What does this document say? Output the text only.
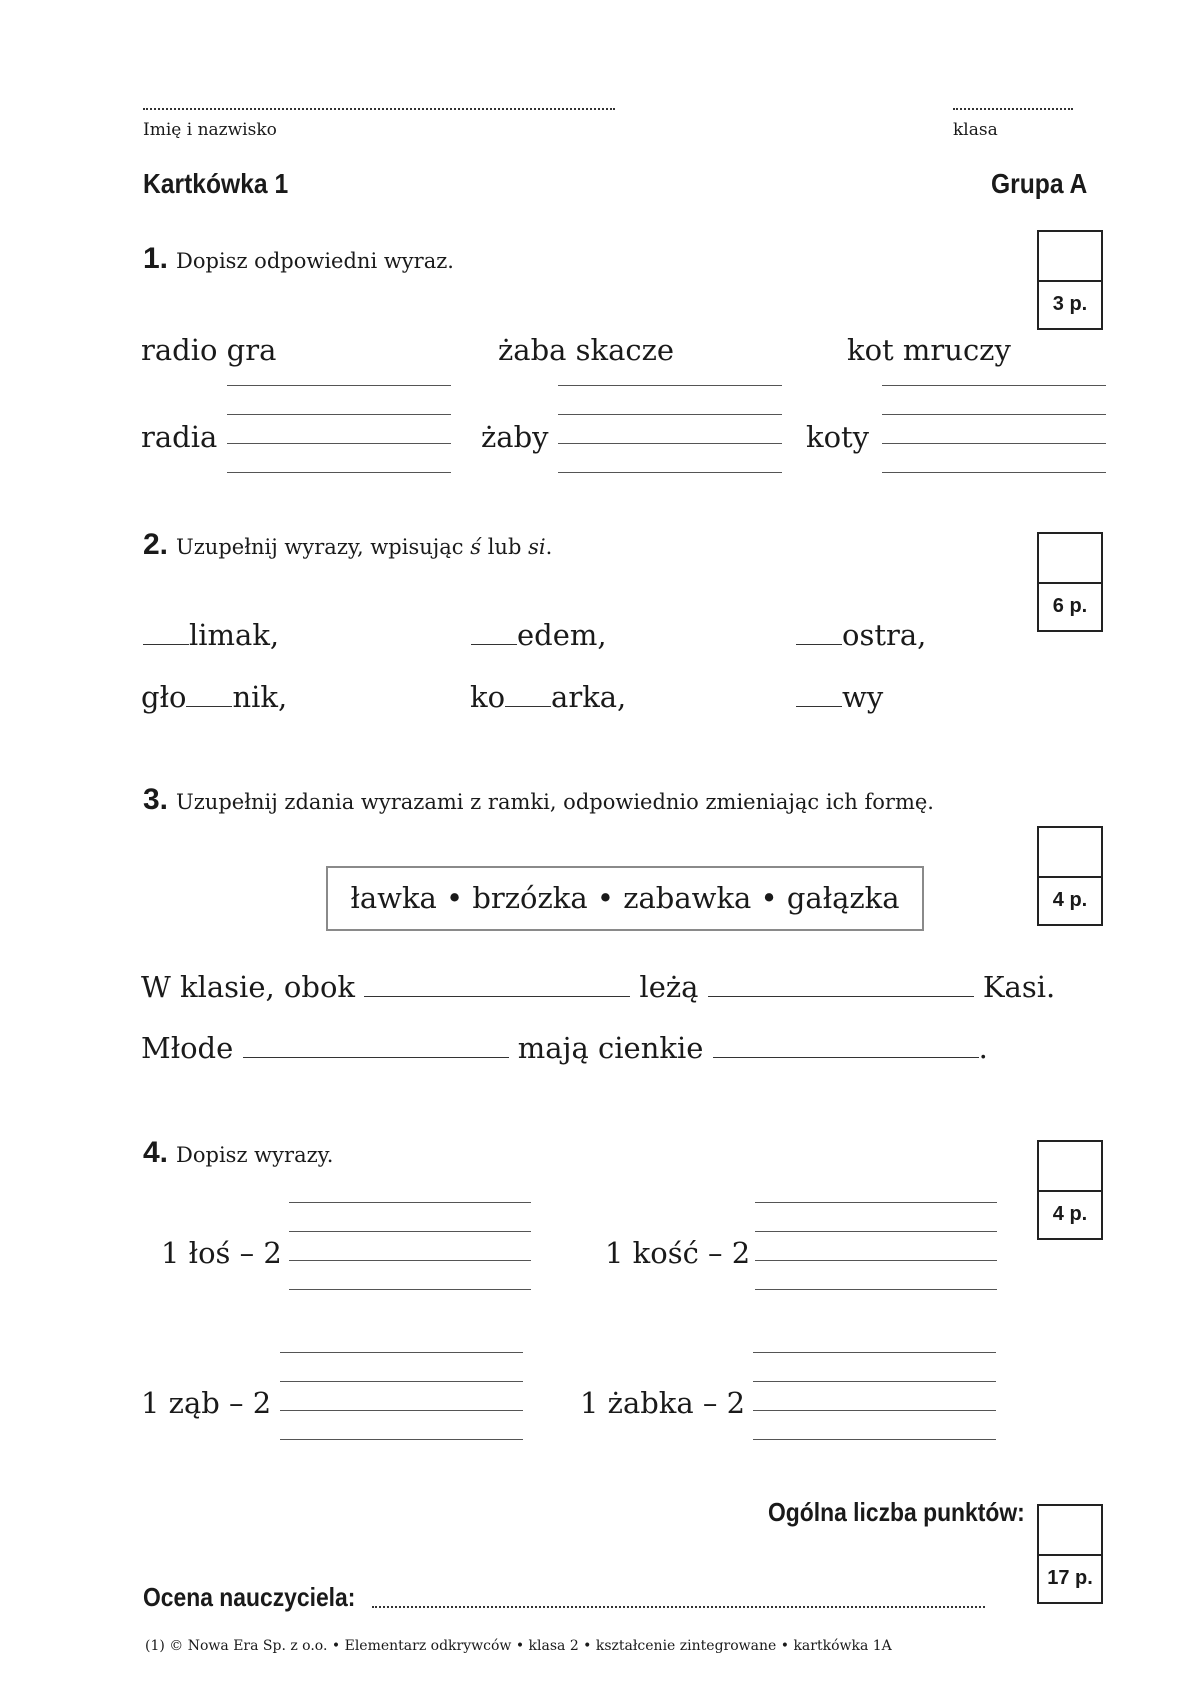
Imię i nazwisko	klasa
Kartkówka 1	Grupa A
1. Dopisz odpowiedni wyraz.
3 p.
radio gra	żaba skacze	kot mruczy
radia	żaby	koty
2. Uzupełnij wyrazy, wpisując ś lub si.
6 p.
limak,	edem,	ostra,
gło nik,	ko arka,	wy
3. Uzupełnij zdania wyrazami z ramki, odpowiednio zmieniając ich formę.
4 p.
ławka • brzózka • zabawka • gałązka
W klasie, obok	leżą	Kasi.
Młode	mają cienkie	.
4. Dopisz wyrazy.
4 p.
1 łoś – 2	1 kość – 2
1 ząb – 2	1 żabka – 2
Ogólna liczba punktów:
17 p.
Ocena nauczyciela:
(1) © Nowa Era Sp. z o.o. • Elementarz odkrywców • klasa 2 • kształcenie zintegrowane • kartkówka 1A
